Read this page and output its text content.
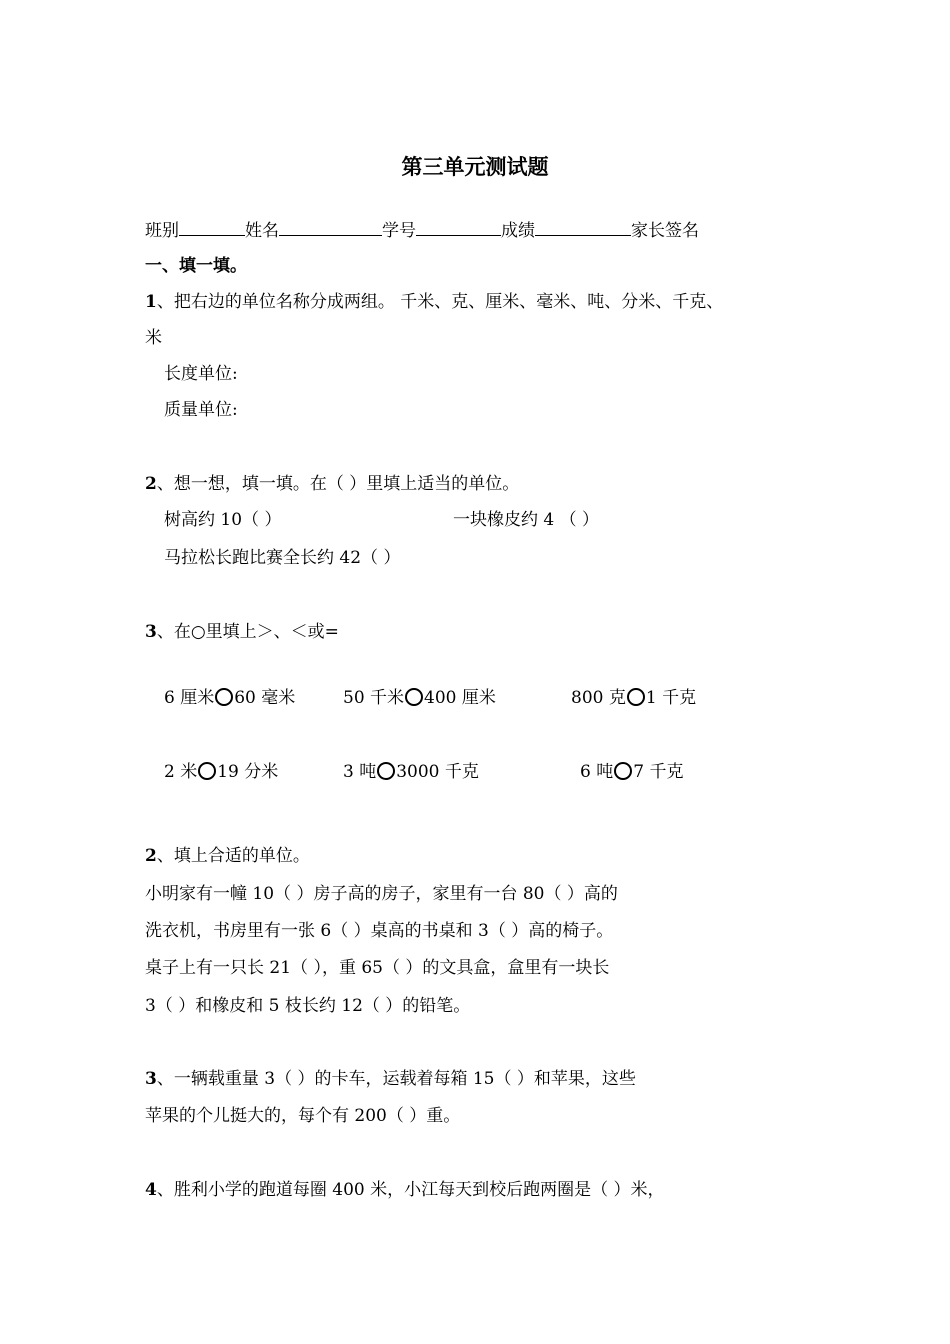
第三单元测试题
班别	姓名	学号	成绩	家长签名
一、填一填。
1、把右边的单位名称分成两组。 千米、克、厘米、毫米、吨、分米、千克、
米
长度单位:
质量单位:
2、想一想，填一填。在（ ）里填上适当的单位。
树高约 10（ ）	一块橡皮约 4 （ ）
马拉松长跑比赛全长约 42（ ）
3、在○里填上＞、＜或=
6 厘米 60 毫米	50 千米 400 厘米	800 克 1 千克
2 米 19 分米	3 吨 3000 千克	6 吨 7 千克
2、填上合适的单位。
小明家有一幢 10（ ）房子高的房子，家里有一台 80（ ）高的
洗衣机，书房里有一张 6（ ）桌高的书桌和 3（ ）高的椅子。
桌子上有一只长 21（ ），重 65（ ）的文具盒，盒里有一块长
3（ ）和橡皮和 5 枝长约 12（ ）的铅笔。
3、一辆载重量 3（ ）的卡车，运载着每箱 15（ ）和苹果，这些
苹果的个儿挺大的，每个有 200（ ）重。
4、胜利小学的跑道每圈 400 米，小江每天到校后跑两圈是（ ）米，
